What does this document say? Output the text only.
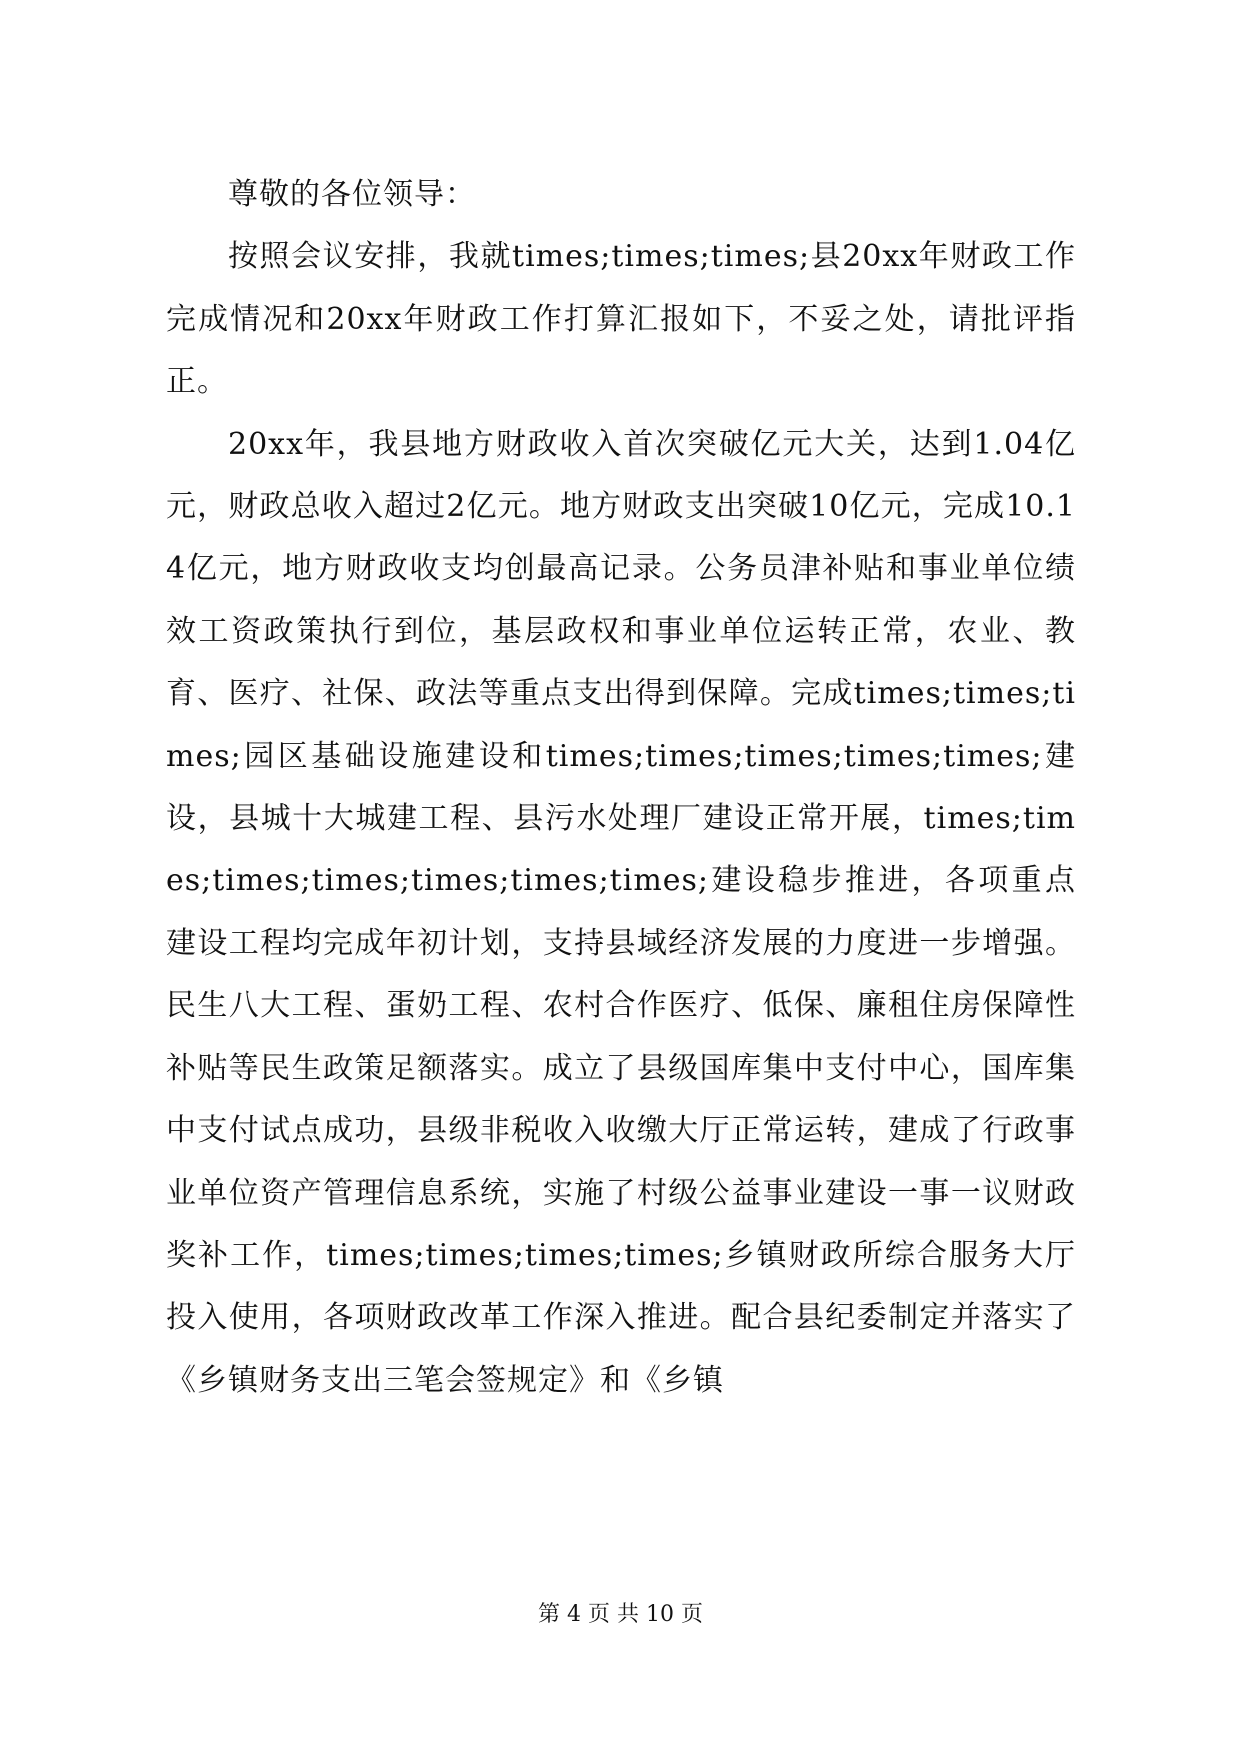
尊敬的各位领导：

按照会议安排，我就times;times;times;县20xx年财政工作完成情况和20xx年财政工作打算汇报如下，不妥之处，请批评指正。

20xx年，我县地方财政收入首次突破亿元大关，达到1.04亿元，财政总收入超过2亿元。地方财政支出突破10亿元，完成10.14亿元，地方财政收支均创最高记录。公务员津补贴和事业单位绩效工资政策执行到位，基层政权和事业单位运转正常，农业、教育、医疗、社保、政法等重点支出得到保障。完成times;times;times;园区基础设施建设和times;times;times;times;times;建设，县城十大城建工程、县污水处理厂建设正常开展，times;times;times;times;times;times;times;建设稳步推进，各项重点建设工程均完成年初计划，支持县域经济发展的力度进一步增强。民生八大工程、蛋奶工程、农村合作医疗、低保、廉租住房保障性补贴等民生政策足额落实。成立了县级国库集中支付中心，国库集中支付试点成功，县级非税收入收缴大厅正常运转，建成了行政事业单位资产管理信息系统，实施了村级公益事业建设一事一议财政奖补工作，times;times;times;times;乡镇财政所综合服务大厅投入使用，各项财政改革工作深入推进。配合县纪委制定并落实了《乡镇财务支出三笔会签规定》和《乡镇

第 4 页 共 10 页
